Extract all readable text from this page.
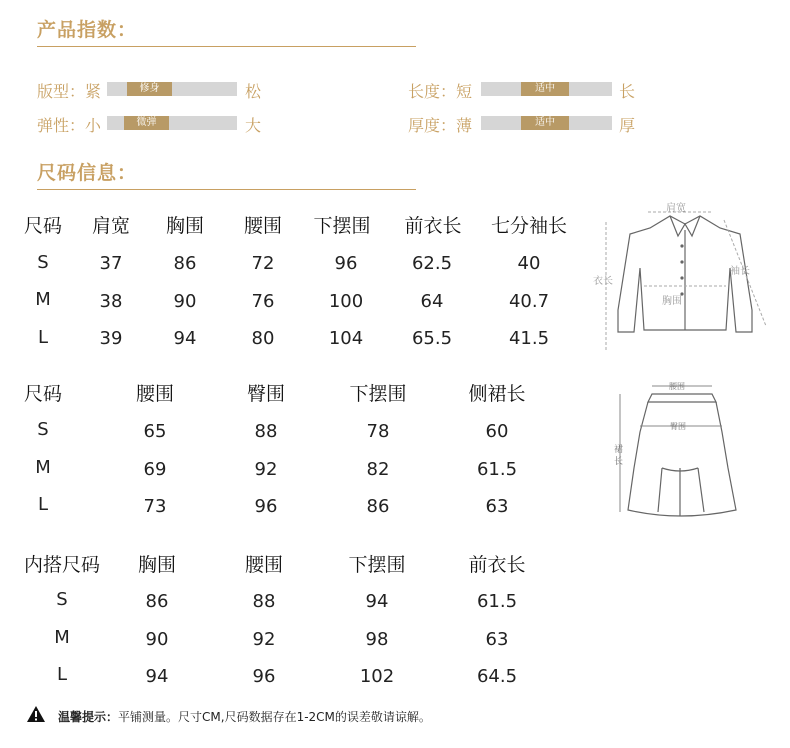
产品指数：
版型：紧	修身	松
弹性：小	微弹	大
长度：短	适中	长
厚度：薄	适中	厚
尺码信息：
尺码 肩宽 胸围 腰围 下摆围 前衣长 七分袖长
S	37	86	72	96	62.5	40
M	38	90	76	100	64	40.7
L	39	94	80	104	65.5	41.5
肩宽
衣长
胸围
袖长
尺码	腰围	臀围	下摆围	侧裙长
S	65	88	78	60
M	69	92	82	61.5
L	73	96	86	63
腰围
臀围
裙
长
内搭尺码 胸围	腰围	下摆围	前衣长
S	86	88	94	61.5
M	90	92	98	63
L	94	96	102	64.5
温馨提示：平铺测量。尺寸CM,尺码数据存在1-2CM的误差敬请谅解。
